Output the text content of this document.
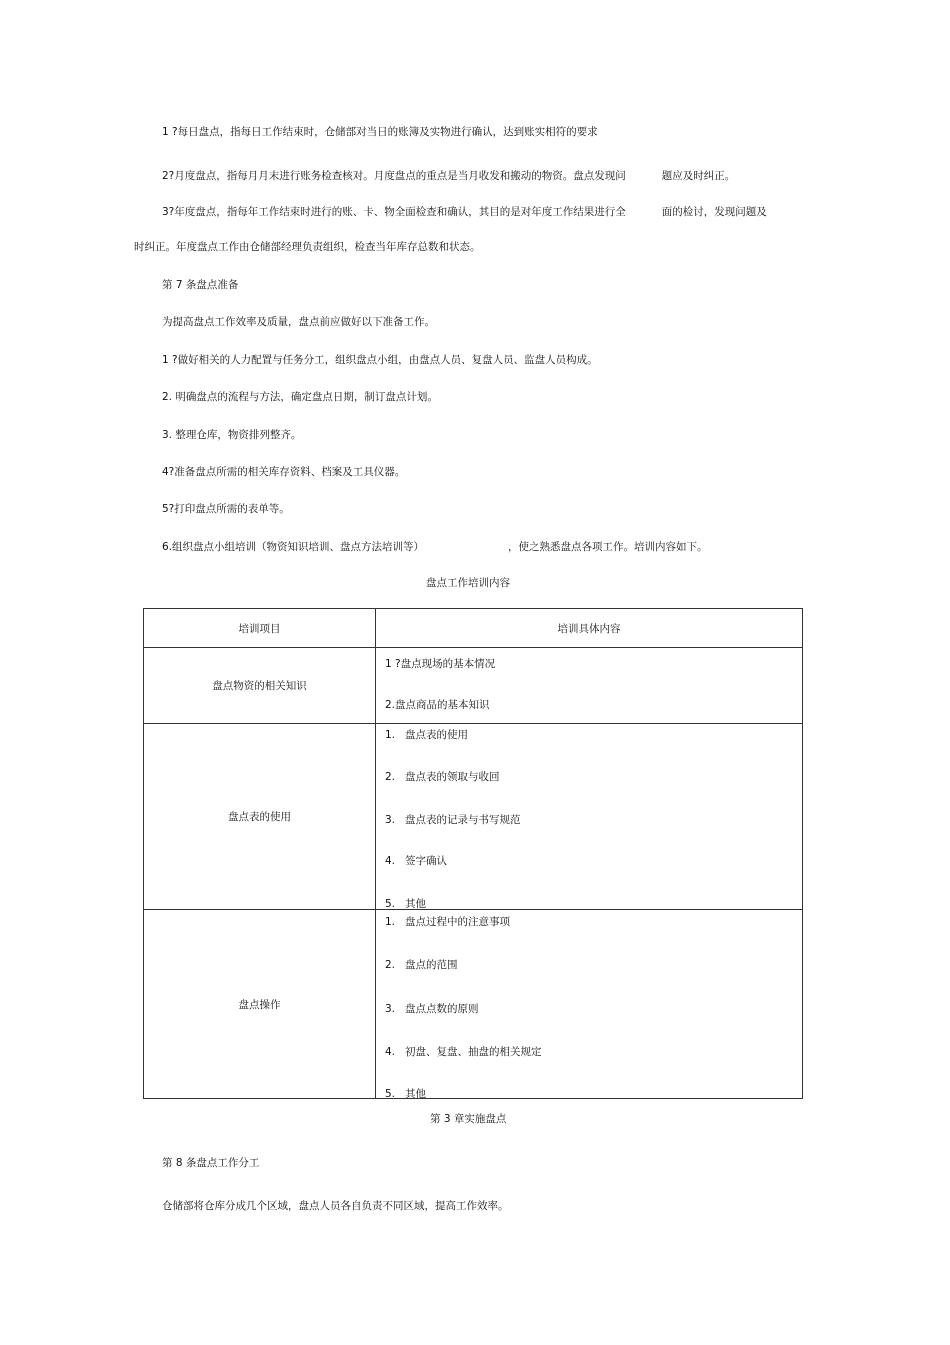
1 ?每日盘点，指每日工作结束时，仓储部对当日的账簿及实物进行确认，达到账实相符的要求
2?月度盘点，指每月月末进行账务检查核对。月度盘点的重点是当月收发和搬动的物资。盘点发现问	题应及时纠正。
3?年度盘点，指每年工作结束时进行的账、卡、物全面检查和确认，其目的是对年度工作结果进行全	面的检讨，发现问题及
时纠正。年度盘点工作由仓储部经理负责组织，检查当年库存总数和状态。
第 7 条盘点准备
为提高盘点工作效率及质量，盘点前应做好以下准备工作。
1 ?做好相关的人力配置与任务分工，组织盘点小组，由盘点人员、复盘人员、监盘人员构成。
2. 明确盘点的流程与方法，确定盘点日期，制订盘点计划。
3. 整理仓库，物资排列整齐。
4?准备盘点所需的相关库存资料、档案及工具仪器。
5?打印盘点所需的表单等。
6.组织盘点小组培训（物资知识培训、盘点方法培训等）	，使之熟悉盘点各项工作。培训内容如下。
盘点工作培训内容
培训项目	培训具体内容
盘点物资的相关知识	1 ?盘点现场的基本情况
2.盘点商品的基本知识

盘点表的使用	1. 盘点表的使用
2. 盘点表的领取与收回
3. 盘点表的记录与书写规范
4. 签字确认
5. 其他

盘点操作	1. 盘点过程中的注意事项
2. 盘点的范围
3. 盘点点数的原则
4. 初盘、复盘、抽盘的相关规定
5. 其他
第 3 章实施盘点
第 8 条盘点工作分工
仓储部将仓库分成几个区域，盘点人员各自负责不同区域，提高工作效率。
